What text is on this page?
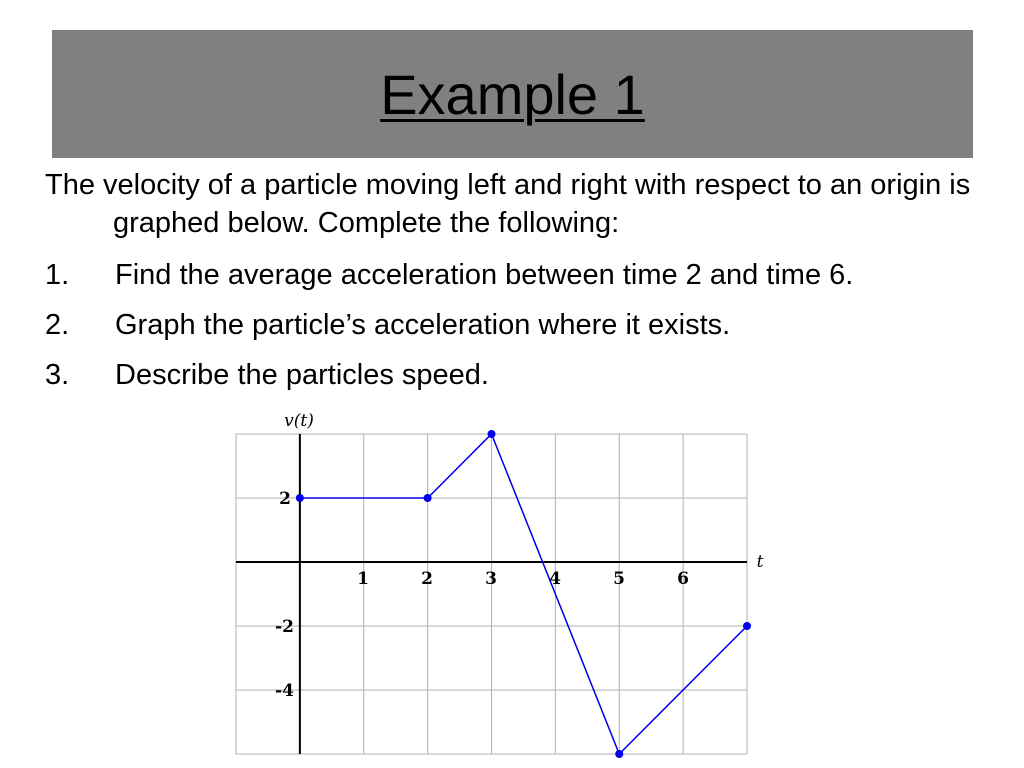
Example 1

The velocity of a particle moving left and right with respect to an origin is graphed below. Complete the following:

1.	Find the average acceleration between time 2 and time 6.
2.	Graph the particle’s acceleration where it exists.
3.	Describe the particles speed.
v(t)
t
1	2	3	4	5	6
2
-2
-4
